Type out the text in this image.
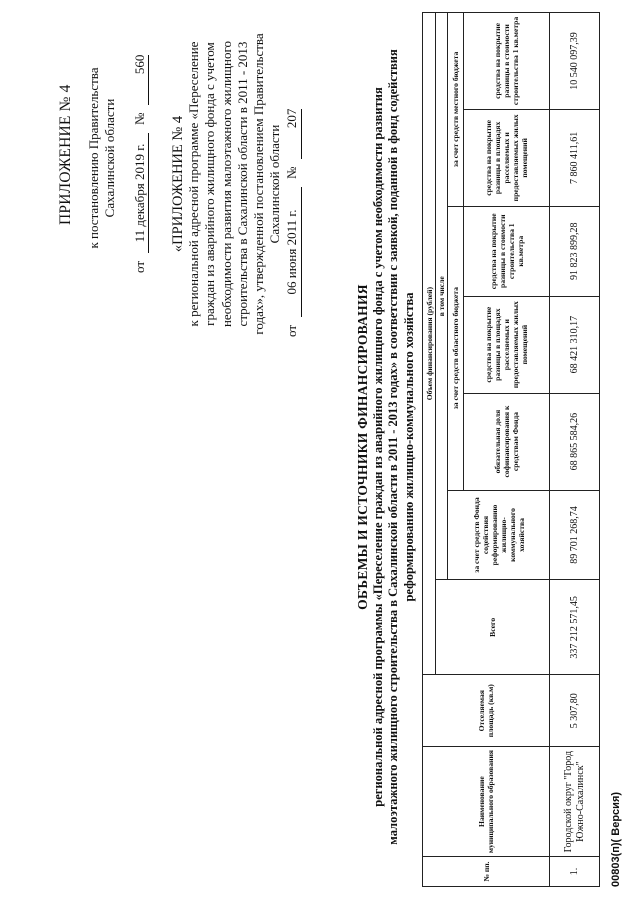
ПРИЛОЖЕНИЕ № 4 к постановлению Правительства Сахалинской области
от
11 декабря 2019 г.
№
560
«ПРИЛОЖЕНИЕ № 4 к региональной адресной программе «Переселение граждан из аварийного жилищного фонда с учетом необходимости развития малоэтажного жилищного строительства в Сахалинской области в 2011 - 2013 годах», утвержденной постановлением Правительства Сахалинской области
от
06 июня 2011 г.
№
207
ОБЪЕМЫ И ИСТОЧНИКИ ФИНАНСИРОВАНИЯ региональной адресной программы «Переселение граждан из аварийного жилищного фонда с учетом необходимости развития малоэтажного жилищного строительства в Сахалинской области в 2011 - 2013 годах» в соответствии с заявкой, поданной в фонд содействия реформированию жилищно-коммунального хозяйства
№ пп.	Наименование муниципального образования	Отселяемая площадь (кв.м)	Объем финансирования (рублей)						
			Всего	в том числе					
				за счет средств Фонда содействия реформированию жилищно-коммунального хозяйства	за счет средств областного бюджета			за счет средств местного бюджета	
					обязательная доля софинансирования к средствам Фонда	средства на покрытие разницы в площадях расселяемых и предоставляемых жилых помещений	средства на покрытие разницы в стоимости строительства 1 кв.метра	средства на покрытие разницы в площадях расселяемых и предоставляемых жилых помещений	средства на покрытие разницы в стоимости строительства 1 кв.метра
1.	Городской округ "Город Южно-Сахалинск"	5 307,80	337 212 571,45	89 701 268,74	68 865 584,26	68 421 310,17	91 823 899,28	7 860 411,61	10 540 097,39
00803(п)( Версия)
